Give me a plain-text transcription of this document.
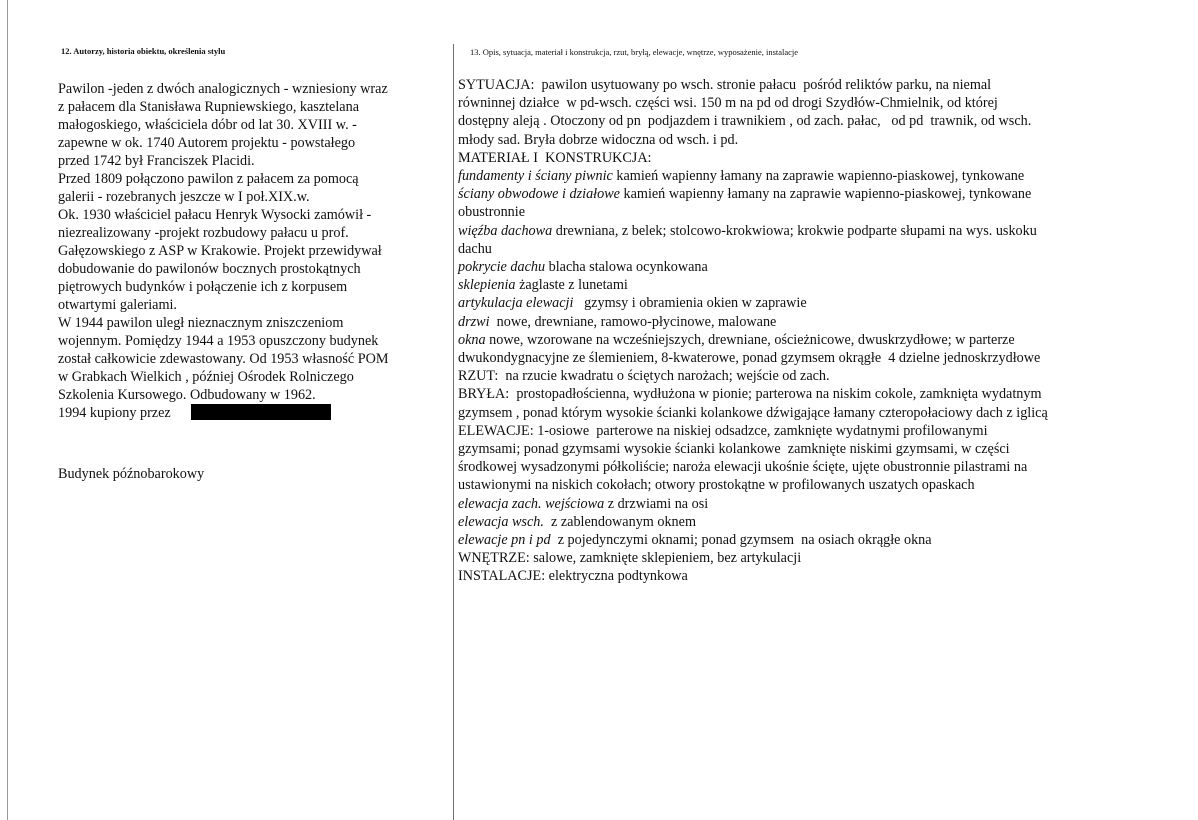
12. Autorzy, historia obiektu, określenia stylu	13. Opis, sytuacja, materiał i konstrukcja, rzut, bryłą, elewacje, wnętrze, wyposażenie, instalacje
Pawilon -jeden z dwóch analogicznych - wzniesiony wraz
z pałacem dla Stanisława Rupniewskiego, kasztelana
małogoskiego, właściciela dóbr od lat 30. XVIII w. -
zapewne w ok. 1740 Autorem projektu - powstałego
przed 1742 był Franciszek Placidi.
Przed 1809 połączono pawilon z pałacem za pomocą
galerii - rozebranych jeszcze w I poł.XIX.w.
Ok. 1930 właściciel pałacu Henryk Wysocki zamówił -
niezrealizowany -projekt rozbudowy pałacu u prof.
Gałęzowskiego z ASP w Krakowie. Projekt przewidywał
dobudowanie do pawilonów bocznych prostokątnych
piętrowych budynków i połączenie ich z korpusem
otwartymi galeriami.
W 1944 pawilon uległ nieznacznym zniszczeniom
wojennym. Pomiędzy 1944 a 1953 opuszczony budynek
został całkowicie zdewastowany. Od 1953 własność POM
w Grabkach Wielkich , później Ośrodek Rolniczego
Szkolenia Kursowego. Odbudowany w 1962.
1994 kupiony przez
Budynek późnobarokowy
SYTUACJA:  pawilon usytuowany po wsch. stronie pałacu  pośród reliktów parku, na niemal
równinnej działce  w pd-wsch. części wsi. 150 m na pd od drogi Szydłów-Chmielnik, od której
dostępny aleją . Otoczony od pn  podjazdem i trawnikiem , od zach. pałac,   od pd  trawnik, od wsch.
młody sad. Bryła dobrze widoczna od wsch. i pd.
MATERIAŁ I  KONSTRUKCJA:
fundamenty i ściany piwnic kamień wapienny łamany na zaprawie wapienno-piaskowej, tynkowane
ściany obwodowe i działowe kamień wapienny łamany na zaprawie wapienno-piaskowej, tynkowane
obustronnie
więźba dachowa drewniana, z belek; stolcowo-krokwiowa; krokwie podparte słupami na wys. uskoku
dachu
pokrycie dachu blacha stalowa ocynkowana
sklepienia żaglaste z lunetami
artykulacja elewacji   gzymsy i obramienia okien w zaprawie
drzwi  nowe, drewniane, ramowo-płycinowe, malowane
okna nowe, wzorowane na wcześniejszych, drewniane, ościeżnicowe, dwuskrzydłowe; w parterze
dwukondygnacyjne ze ślemieniem, 8-kwaterowe, ponad gzymsem okrągłe  4 dzielne jednoskrzydłowe
RZUT:  na rzucie kwadratu o ściętych narożach; wejście od zach.
BRYŁA:  prostopadłościenna, wydłużona w pionie; parterowa na niskim cokole, zamknięta wydatnym
gzymsem , ponad którym wysokie ścianki kolankowe dźwigające łamany czteropołaciowy dach z iglicą
ELEWACJE: 1-osiowe  parterowe na niskiej odsadzce, zamknięte wydatnymi profilowanymi
gzymsami; ponad gzymsami wysokie ścianki kolankowe  zamknięte niskimi gzymsami, w części
środkowej wysadzonymi półkoliście; naroża elewacji ukośnie ścięte, ujęte obustronnie pilastrami na
ustawionymi na niskich cokołach; otwory prostokątne w profilowanych uszatych opaskach
elewacja zach. wejściowa z drzwiami na osi
elewacja wsch.  z zablendowanym oknem
elewacje pn i pd  z pojedynczymi oknami; ponad gzymsem  na osiach okrągłe okna
WNĘTRZE: salowe, zamknięte sklepieniem, bez artykulacji
INSTALACJE: elektryczna podtynkowa
